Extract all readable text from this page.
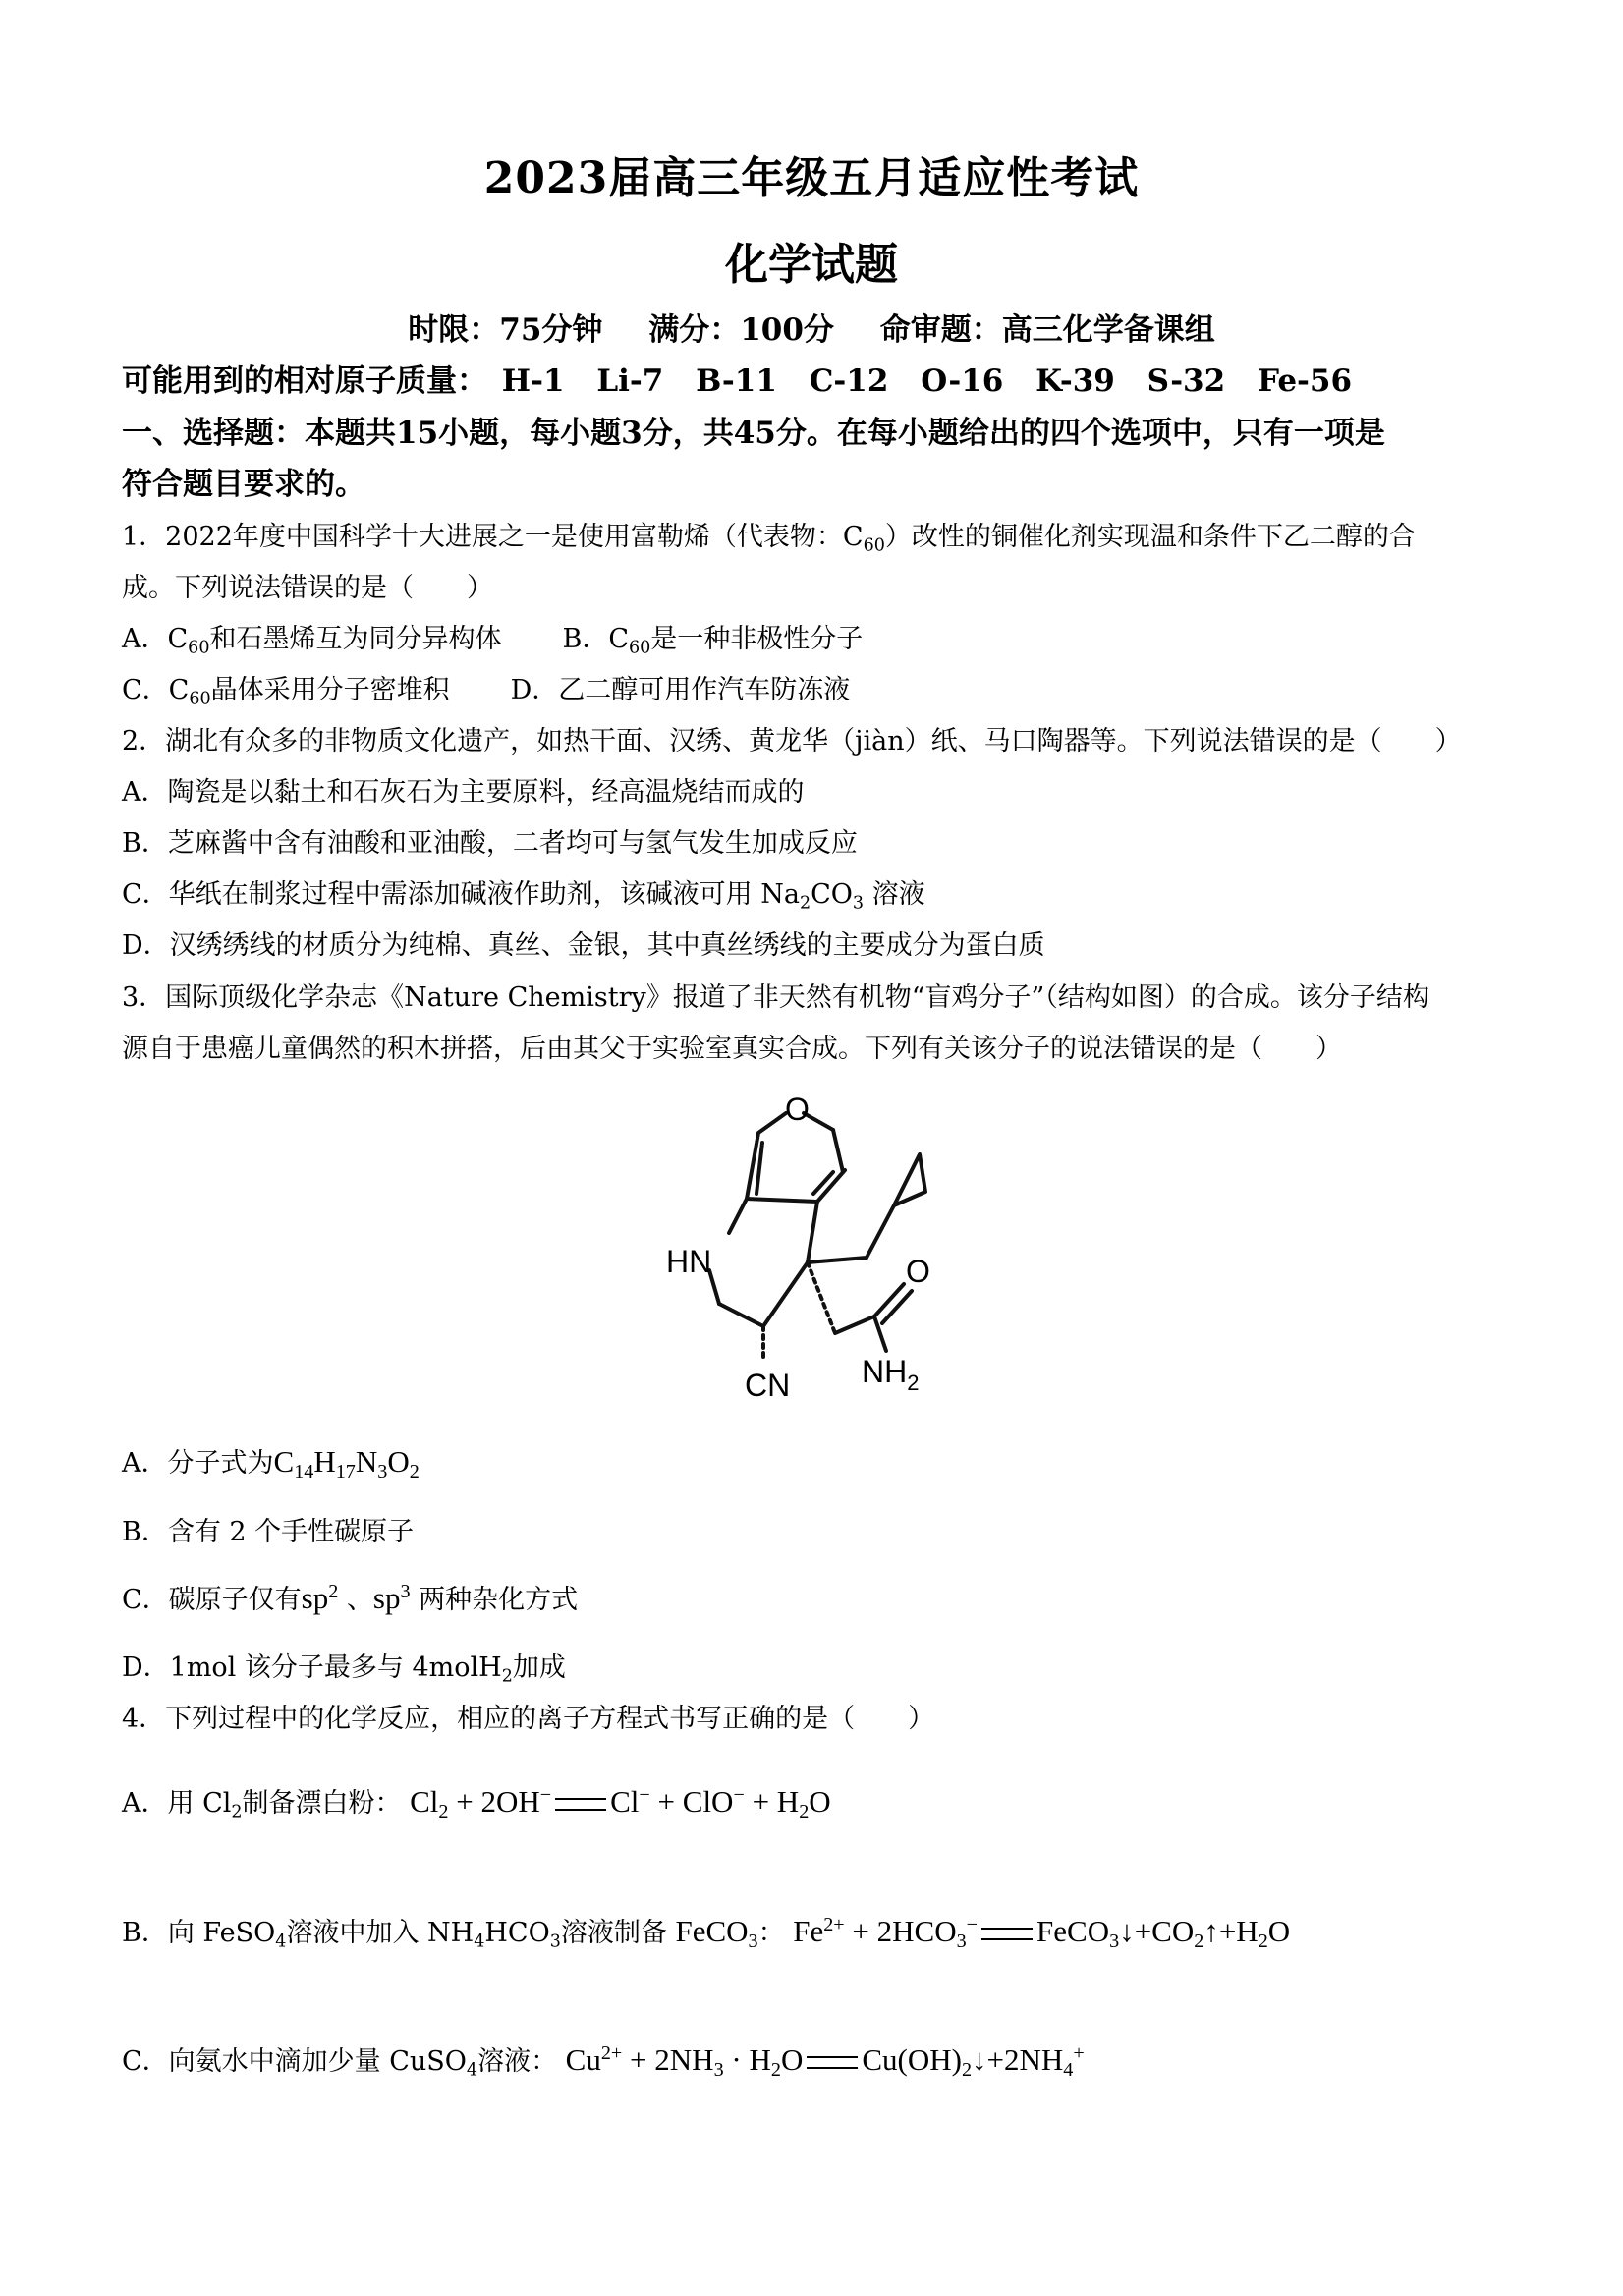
2023届高三年级五月适应性考试
化学试题
时限：75分钟 满分：100分 命审题：高三化学备课组
可能用到的相对原子质量： H-1 Li-7 B-11 C-12 O-16 K-39 S-32 Fe-56
一、选择题：本题共15小题，每小题3分，共45分。在每小题给出的四个选项中，只有一项是
符合题目要求的。
1．2022年度中国科学十大进展之一是使用富勒烯（代表物：$C_{60}$）改性的铜催化剂实现温和条件下乙二醇的合
成。下列说法错误的是（　　）
A．$C_{60}$和石墨烯互为同分异构体 B．$C_{60}$是一种非极性分子
C．$C_{60}$晶体采用分子密堆积 D．乙二醇可用作汽车防冻液
2．湖北有众多的非物质文化遗产，如热干面、汉绣、黄龙华（jiàn）纸、马口陶器等。下列说法错误的是（　　）
A．陶瓷是以黏土和石灰石为主要原料，经高温烧结而成的
B．芝麻酱中含有油酸和亚油酸，二者均可与氢气发生加成反应
C．华纸在制浆过程中需添加碱液作助剂，该碱液可用 $Na_2CO_3$ 溶液
D．汉绣绣线的材质分为纯棉、真丝、金银，其中真丝绣线的主要成分为蛋白质
3．国际顶级化学杂志《Nature Chemistry》报道了非天然有机物“盲鸡分子”（结构如图）的合成。该分子结构
源自于患癌儿童偶然的积木拼搭，后由其父于实验室真实合成。下列有关该分子的说法错误的是（　　）
O
HN
CN
O
$NH_2$
A．分子式为$C_{14}H_{17}N_3O_2$
B．含有 2 个手性碳原子
C．碳原子仅有$sp^2$ 、$sp^3$ 两种杂化方式
D．1mol 该分子最多与 4molH$_2$加成
4．下列过程中的化学反应，相应的离子方程式书写正确的是（　　）
A．用 $Cl_2$制备漂白粉： $Cl_2 + 2OH^-$ $Cl^- + ClO^- + H_2O$
B．向 FeSO$_4$溶液中加入 $NH_4HCO_3$溶液制备 FeCO$_3$： $Fe^{2+} + 2HCO_3^-$ $FeCO_3↓+CO_2↑+H_2O$
C．向氨水中滴加少量 CuSO$_4$溶液： $Cu^{2+} + 2NH_3 \cdot H_2O$ $Cu(OH)_2↓+2NH_4^+$
